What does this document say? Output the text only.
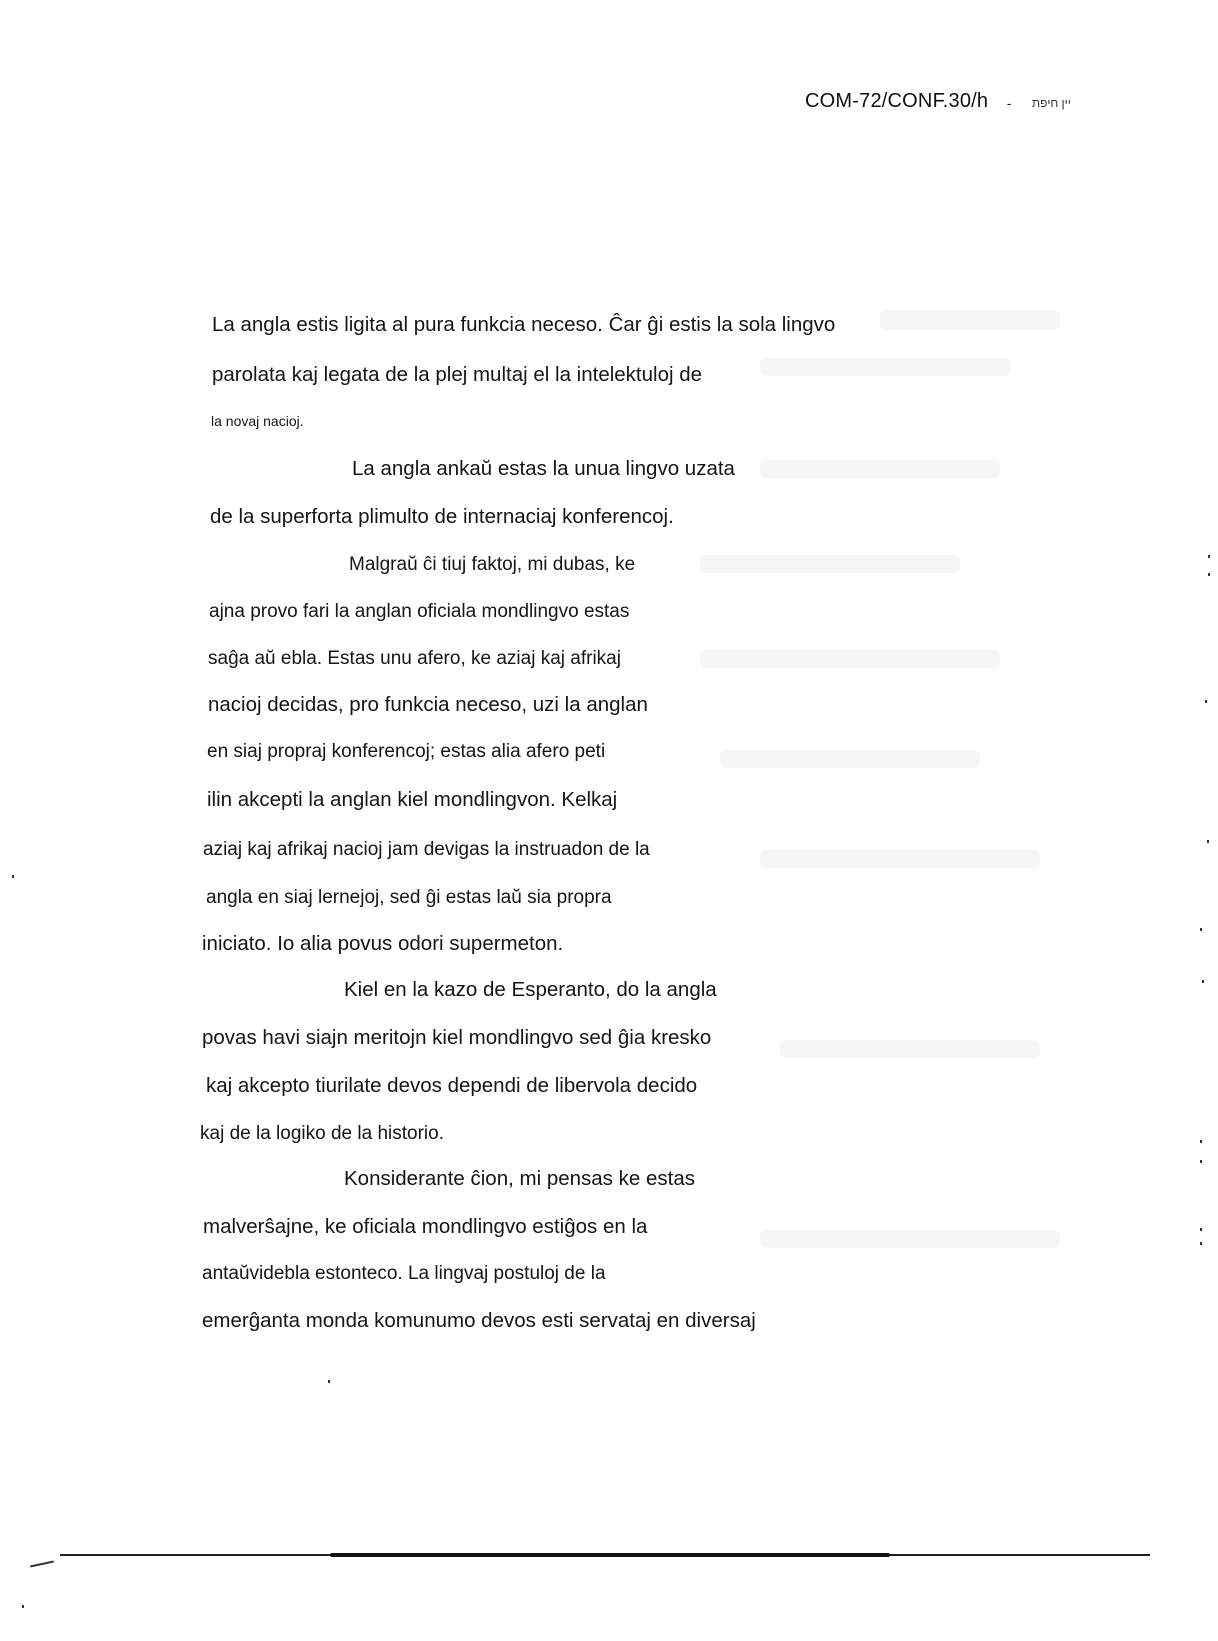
COM-72/CONF.30/h - יין חיפת
La angla estis ligita al pura funkcia neceso. Ĉar ĝi estis la sola lingvo
parolata kaj legata de la plej multaj el la intelektuloj de
la novaj nacioj.
La angla ankaŭ estas la unua lingvo uzata
de la superforta plimulto de internaciaj konferencoj.
Malgraŭ ĉi tiuj faktoj, mi dubas, ke
ajna provo fari la anglan oficiala mondlingvo estas
saĝa aŭ ebla. Estas unu afero, ke aziaj kaj afrikaj
nacioj decidas, pro funkcia neceso, uzi la anglan
en siaj propraj konferencoj; estas alia afero peti
ilin akcepti la anglan kiel mondlingvon. Kelkaj
aziaj kaj afrikaj nacioj jam devigas la instruadon de la
angla en siaj lernejoj, sed ĝi estas laŭ sia propra
iniciato. Io alia povus odori supermeton.
Kiel en la kazo de Esperanto, do la angla
povas havi siajn meritojn kiel mondlingvo sed ĝia kresko
kaj akcepto tiurilate devos dependi de libervola decido
kaj de la logiko de la historio.
Konsiderante ĉion, mi pensas ke estas
malverŝajne, ke oficiala mondlingvo estiĝos en la
antaŭvidebla estonteco. La lingvaj postuloj de la
emerĝanta monda komunumo devos esti servataj en diversaj
